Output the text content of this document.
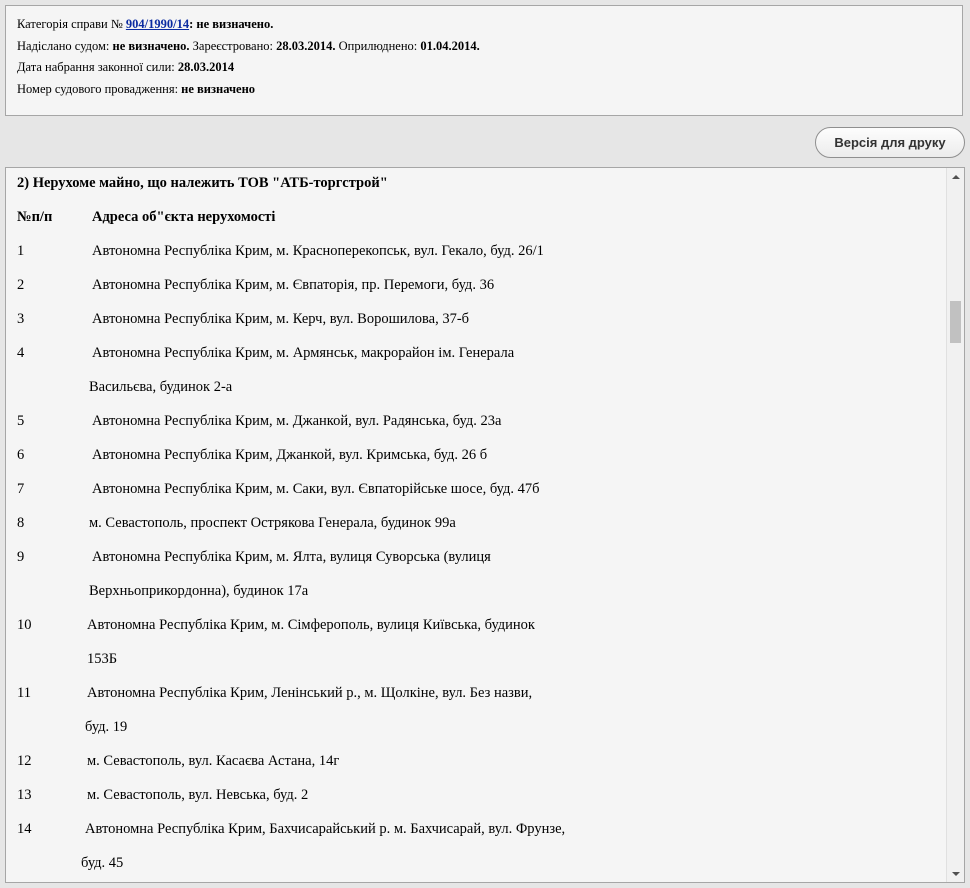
Категорія справи № 904/1990/14: не визначено.
Надіслано судом: не визначено. Зареєстровано: 28.03.2014. Оприлюднено: 01.04.2014.
Дата набрання законної сили: 28.03.2014
Номер судового провадження: не визначено
Версія для друку
2) Нерухоме майно, що належить ТОВ "АТБ-торгстрой"
№п/п	Адреса об"єкта нерухомості
1	Автономна Республіка Крим, м. Красноперекопськ, вул. Гекало, буд. 26/1
2	Автономна Республіка Крим, м. Євпаторія, пр. Перемоги, буд. 36
3	Автономна Республіка Крим, м. Керч, вул. Ворошилова, 37-б
4	Автономна Республіка Крим, м. Армянськ, макрорайон ім. Генерала
Васильєва, будинок 2-а
5	Автономна Республіка Крим, м. Джанкой, вул. Радянська, буд. 23а
6	Автономна Республіка Крим, Джанкой, вул. Кримська, буд. 26 б
7	Автономна Республіка Крим, м. Саки, вул. Євпаторійське шосе, буд. 47б
8	м. Севастополь, проспект Острякова Генерала, будинок 99а
9	Автономна Республіка Крим, м. Ялта, вулиця Суворська (вулиця
Верхньоприкордонна), будинок 17а
10	Автономна Республіка Крим, м. Сімферополь, вулиця Київська, будинок
153Б
11	Автономна Республіка Крим, Ленінський р., м. Щолкіне, вул. Без назви,
буд. 19
12	м. Севастополь, вул. Касаєва Астана, 14г
13	м. Севастополь, вул. Невська, буд. 2
14	Автономна Республіка Крим, Бахчисарайський р. м. Бахчисарай, вул. Фрунзе,
буд. 45
